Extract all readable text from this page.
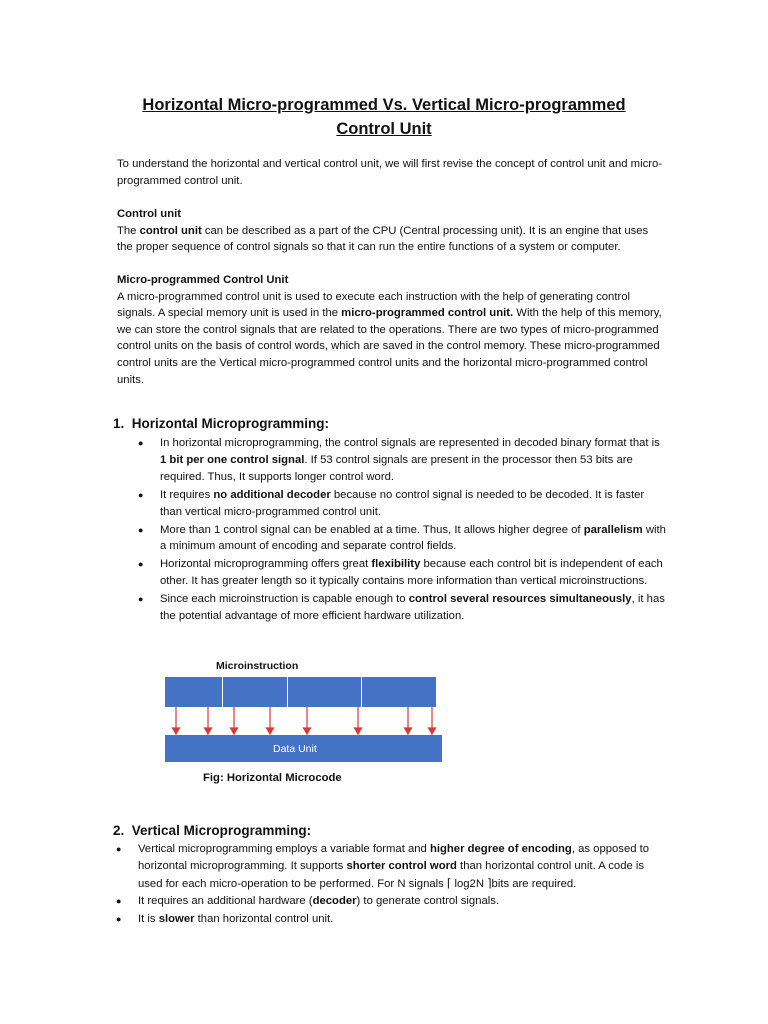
Horizontal Micro-programmed Vs. Vertical Micro-programmed
Control Unit

To understand the horizontal and vertical control unit, we will first revise the concept of control unit and micro-programmed control unit.

Control unit
The control unit can be described as a part of the CPU (Central processing unit). It is an engine that uses the proper sequence of control signals so that it can run the entire functions of a system or computer.

Micro-programmed Control Unit
A micro-programmed control unit is used to execute each instruction with the help of generating control signals. A special memory unit is used in the micro-programmed control unit. With the help of this memory, we can store the control signals that are related to the operations. There are two types of micro-programmed control units on the basis of control words, which are saved in the control memory. These micro-programmed control units are the Vertical micro-programmed control units and the horizontal micro-programmed control units.

1. Horizontal Microprogramming:
● In horizontal microprogramming, the control signals are represented in decoded binary format that is 1 bit per one control signal. If 53 control signals are present in the processor then 53 bits are required. Thus, It supports longer control word.
● It requires no additional decoder because no control signal is needed to be decoded. It is faster than vertical micro-programmed control unit.
● More than 1 control signal can be enabled at a time. Thus, It allows higher degree of parallelism with a minimum amount of encoding and separate control fields.
● Horizontal microprogramming offers great flexibility because each control bit is independent of each other. It has greater length so it typically contains more information than vertical microinstructions.
● Since each microinstruction is capable enough to control several resources simultaneously, it has the potential advantage of more efficient hardware utilization.
Microinstruction
Data Unit
Fig: Horizontal Microcode
2. Vertical Microprogramming:
● Vertical microprogramming employs a variable format and higher degree of encoding, as opposed to horizontal microprogramming. It supports shorter control word than horizontal control unit. A code is used for each micro-operation to be performed. For N signals ⌈ log2N ⌉bits are required.
● It requires an additional hardware (decoder) to generate control signals.
● It is slower than horizontal control unit.
